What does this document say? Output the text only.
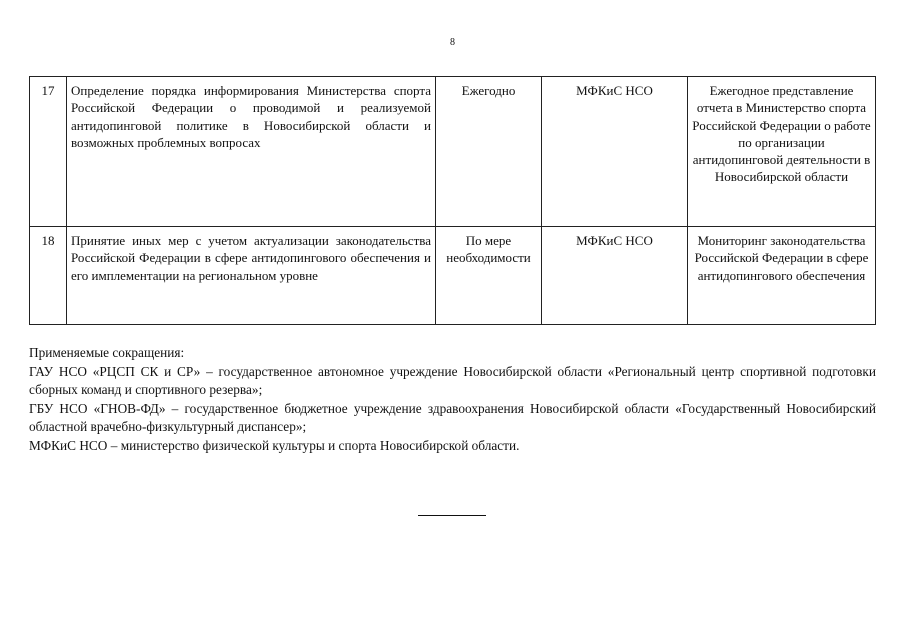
8
17	Определение порядка информирования Министерства спорта Российской Федерации о проводимой и реализуемой антидопинговой политике в Новосибирской области и возможных проблемных вопросах	Ежегодно	МФКиС НСО	Ежегодное представление отчета в Министерство спорта Российской Федерации о работе по организации антидопинговой деятельности в Новосибирской области
18	Принятие иных мер с учетом актуализации законодательства Российской Федерации в сфере антидопингового обеспечения и его имплементации на региональном уровне	По мере необходимости	МФКиС НСО	Мониторинг законодательства Российской Федерации в сфере антидопингового обеспечения

Применяемые сокращения:

ГАУ НСО «РЦСП СК и СР» – государственное автономное учреждение Новосибирской области «Региональный центр спортивной подготовки сборных команд и спортивного резерва»;

ГБУ НСО «ГНОВ-ФД» – государственное бюджетное учреждение здравоохранения Новосибирской области «Государственный Новосибирский областной врачебно-физкультурный диспансер»;

МФКиС НСО – министерство физической культуры и спорта Новосибирской области.
